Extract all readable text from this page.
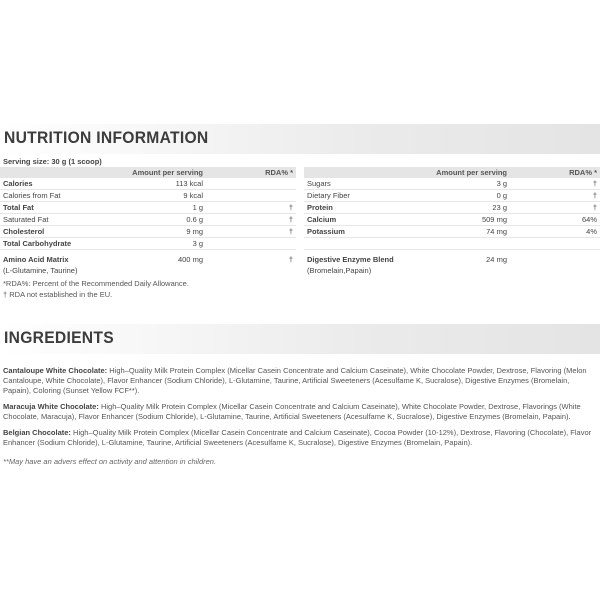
NUTRITION INFORMATION
Serving size: 30 g (1 scoop)
	Amount per serving	RDA% *
Calories	113 kcal	
Calories from Fat	9 kcal	
Total Fat	1 g	†
Saturated Fat	0.6 g	†
Cholesterol	9 mg	†
Total Carbohydrate	3 g	

Amino Acid Matrix	400 mg	†
(L-Glutamine, Taurine)		
	Amount per serving	RDA% *
Sugars	3 g	†
Dietary Fiber	0 g	†
Protein	23 g	†
Calcium	509 mg	64%
Potassium	74 mg	4%

Digestive Enzyme Blend	24 mg	
(Bromelain,Papain)		
*RDA%: Percent of the Recommended Daily Allowance.
† RDA not established in the EU.
INGREDIENTS
Cantaloupe White Chocolate: High–Quality Milk Protein Complex (Micellar Casein Concentrate and Calcium Caseinate), White Chocolate Powder, Dextrose, Flavoring (Melon Cantaloupe, White Chocolate), Flavor Enhancer (Sodium Chloride), L-Glutamine, Taurine, Artificial Sweeteners (Acesulfame K, Sucralose), Digestive Enzymes (Bromelain, Papain), Coloring (Sunset Yellow FCF**).
Maracuja White Chocolate: High–Quality Milk Protein Complex (Micellar Casein Concentrate and Calcium Caseinate), White Chocolate Powder, Dextrose, Flavorings (White Chocolate, Maracuja), Flavor Enhancer (Sodium Chloride), L-Glutamine, Taurine, Artificial Sweeteners (Acesulfame K, Sucralose), Digestive Enzymes (Bromelain, Papain).
Belgian Chocolate: High–Quality Milk Protein Complex (Micellar Casein Concentrate and Calcium Caseinate), Cocoa Powder (10-12%), Dextrose, Flavoring (Chocolate), Flavor Enhancer (Sodium Chloride), L-Glutamine, Taurine, Artificial Sweeteners (Acesulfame K, Sucralose), Digestive Enzymes (Bromelain, Papain).
**May have an advers effect on activity and attention in children.
